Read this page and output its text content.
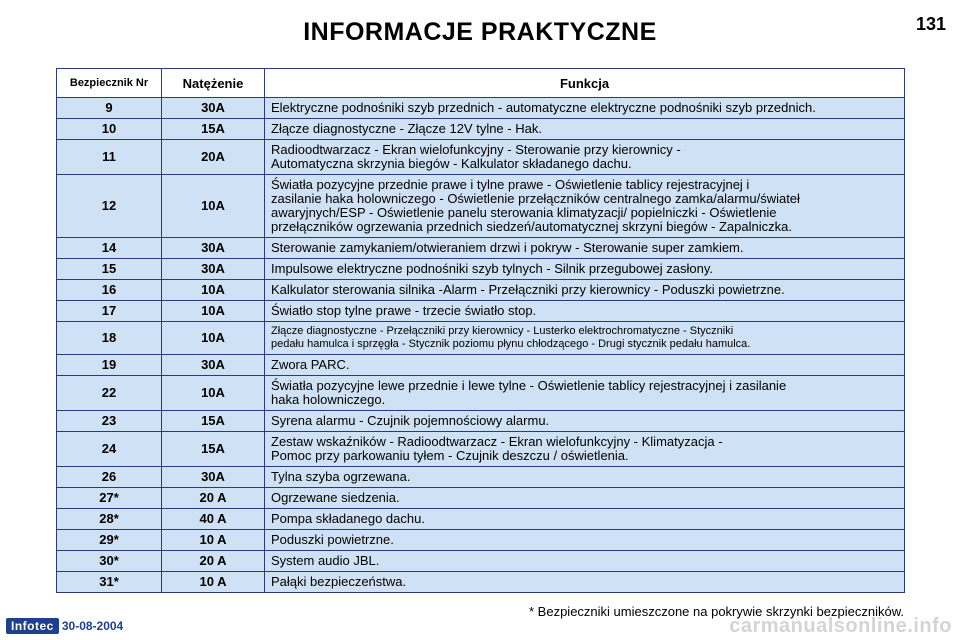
INFORMACJE PRAKTYCZNE	131
Bezpiecznik Nr	Natężenie	Funkcja
9	30A	Elektryczne podnośniki szyb przednich - automatyczne elektryczne podnośniki szyb przednich.
10	15A	Złącze diagnostyczne - Złącze 12V tylne - Hak.
11	20A	Radioodtwarzacz - Ekran wielofunkcyjny - Sterowanie przy kierownicy -
Automatyczna skrzynia biegów - Kalkulator składanego dachu.
12	10A	Światła pozycyjne przednie prawe i tylne prawe - Oświetlenie tablicy rejestracyjnej i
zasilanie haka holowniczego - Oświetlenie przełączników centralnego zamka/alarmu/świateł
awaryjnych/ESP - Oświetlenie panelu sterowania klimatyzacji/ popielniczki - Oświetlenie
przełączników ogrzewania przednich siedzeń/automatycznej skrzyni biegów - Zapalniczka.
14	30A	Sterowanie zamykaniem/otwieraniem drzwi i pokryw - Sterowanie super zamkiem.
15	30A	Impulsowe elektryczne podnośniki szyb tylnych - Silnik przegubowej zasłony.
16	10A	Kalkulator sterowania silnika -Alarm - Przełączniki przy kierownicy - Poduszki powietrzne.
17	10A	Światło stop tylne prawe - trzecie światło stop.
18	10A	Złącze diagnostyczne - Przełączniki przy kierownicy - Lusterko elektrochromatyczne - Styczniki
pedału hamulca i sprzęgła - Stycznik poziomu płynu chłodzącego - Drugi stycznik pedału hamulca.
19	30A	Zwora PARC.
22	10A	Światła pozycyjne lewe przednie i lewe tylne - Oświetlenie tablicy rejestracyjnej i zasilanie
haka holowniczego.
23	15A	Syrena alarmu - Czujnik pojemnościowy alarmu.
24	15A	Zestaw wskaźników - Radioodtwarzacz - Ekran wielofunkcyjny - Klimatyzacja -
Pomoc przy parkowaniu tyłem - Czujnik deszczu / oświetlenia.
26	30A	Tylna szyba ogrzewana.
27*	20 A	Ogrzewane siedzenia.
28*	40 A	Pompa składanego dachu.
29*	10 A	Poduszki powietrzne.
30*	20 A	System audio JBL.
31*	10 A	Pałąki bezpieczeństwa.
* Bezpieczniki umieszczone na pokrywie skrzynki bezpieczników.
Infotec 30-08-2004	carmanualsonline.info
